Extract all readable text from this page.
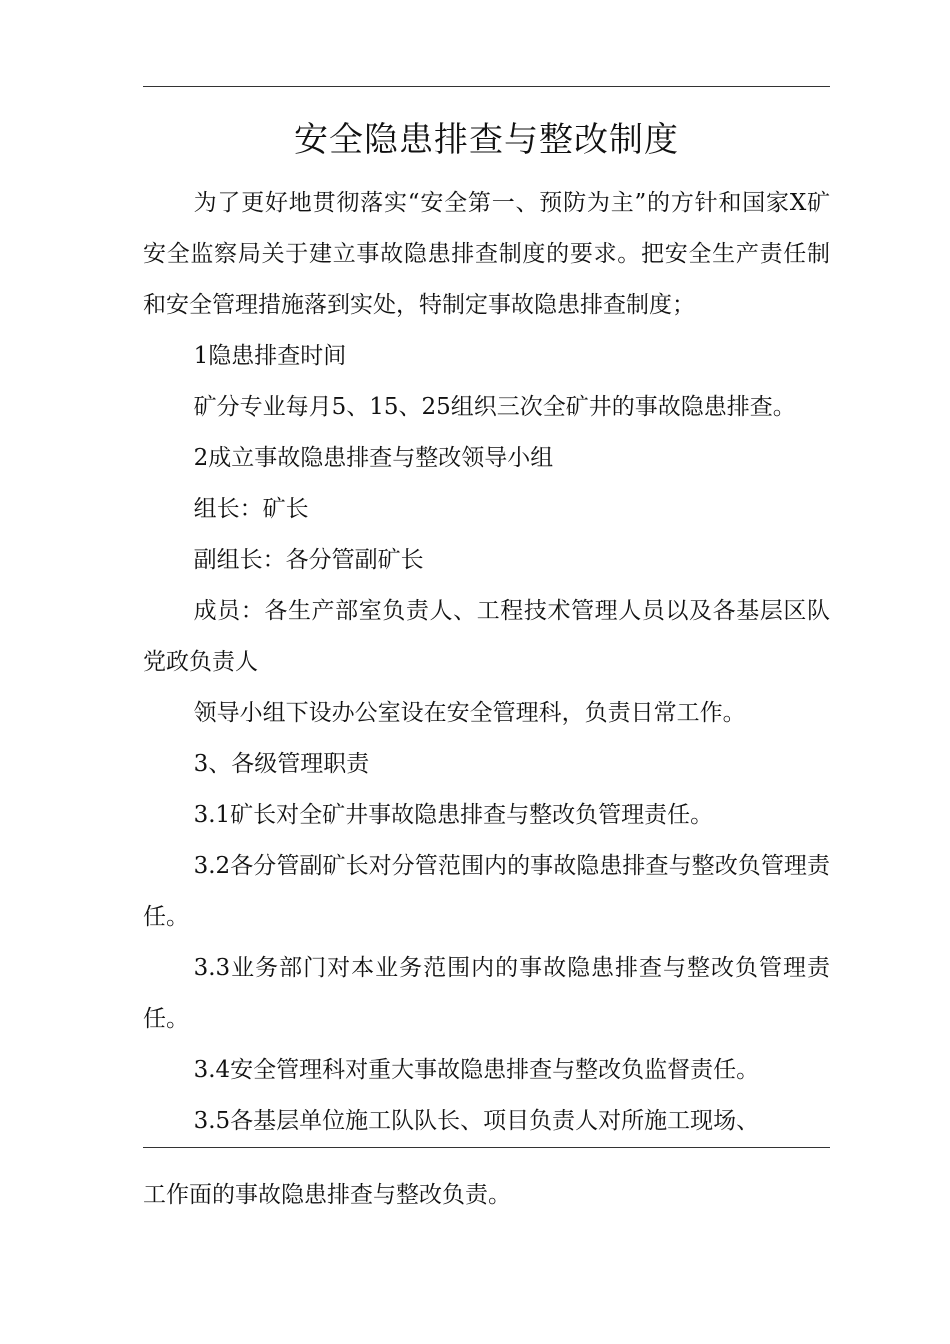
安全隐患排查与整改制度

为了更好地贯彻落实“安全第一、预防为主”的方针和国家X矿安全监察局关于建立事故隐患排查制度的要求。把安全生产责任制和安全管理措施落到实处，特制定事故隐患排查制度；

1隐患排查时间

矿分专业每月5、15、25组织三次全矿井的事故隐患排查。

2成立事故隐患排查与整改领导小组

组长：矿长

副组长：各分管副矿长

成员：各生产部室负责人、工程技术管理人员以及各基层区队党政负责人

领导小组下设办公室设在安全管理科，负责日常工作。

3、各级管理职责

3.1矿长对全矿井事故隐患排查与整改负管理责任。

3.2各分管副矿长对分管范围内的事故隐患排查与整改负管理责任。

3.3业务部门对本业务范围内的事故隐患排查与整改负管理责任。

3.4安全管理科对重大事故隐患排查与整改负监督责任。

3.5各基层单位施工队队长、项目负责人对所施工现场、

工作面的事故隐患排查与整改负责。
